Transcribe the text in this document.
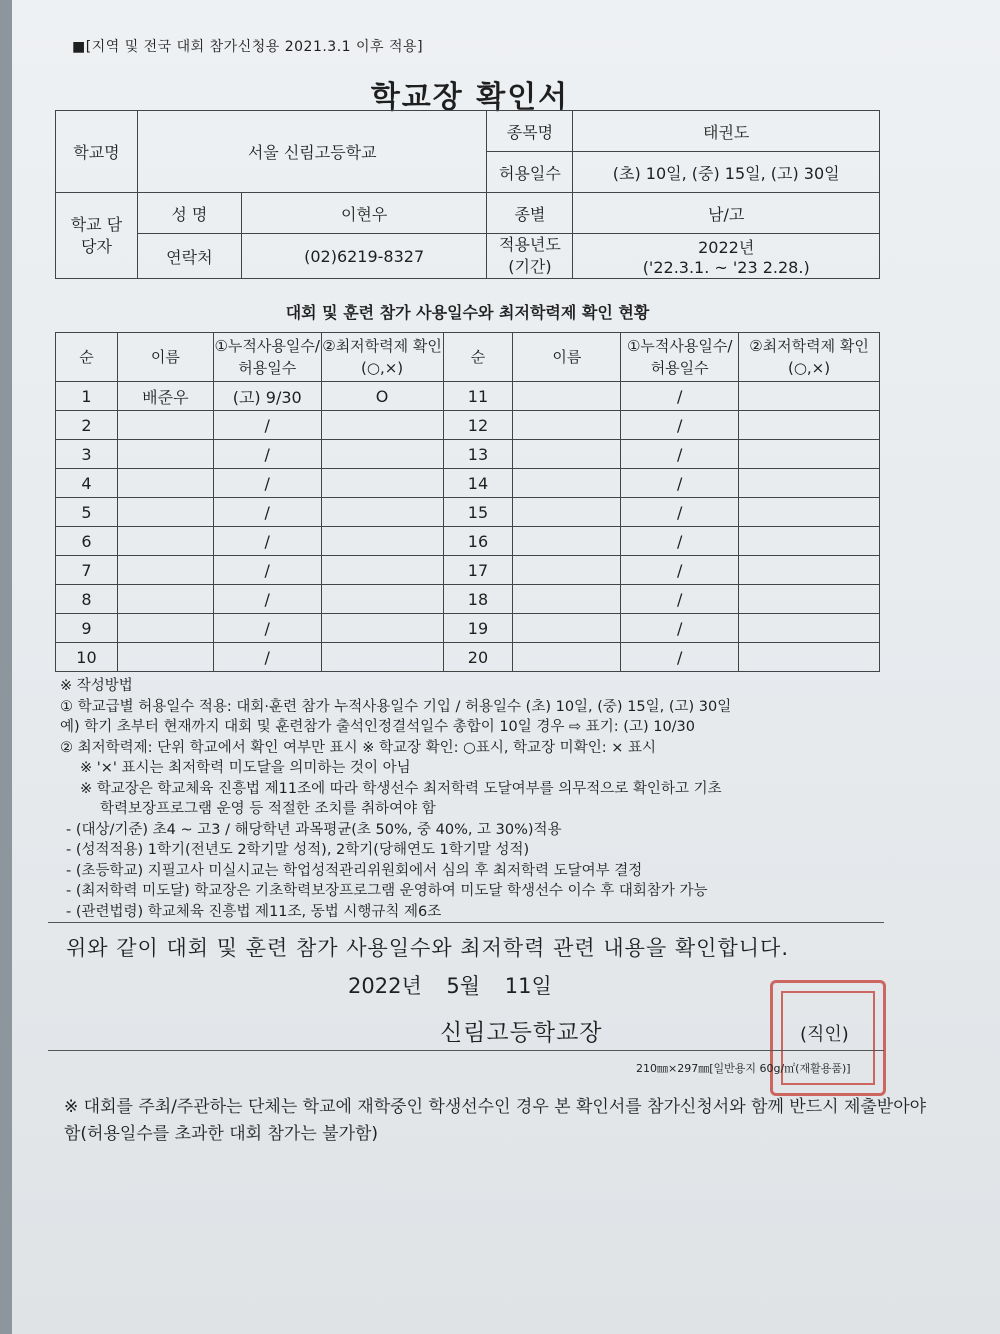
■[지역 및 전국 대회 참가신청용 2021.3.1 이후 적용]
학교장 확인서
학교명	서울 신림고등학교		종목명	태권도
			허용일수	(초) 10일, (중) 15일, (고) 30일
학교 담당자	성 명	이현우	종별	남/고
	연락처	(02)6219-8327	적용년도 (기간)	2022년
('22.3.1. ~ '23 2.28.)
대회 및 훈련 참가 사용일수와 최저학력제 확인 현황
순	이름	①누적사용일수/허용일수	②최저학력제 확인(○,×)	순	이름	①누적사용일수/허용일수	②최저학력제 확인(○,×)
1	배준우	(고) 9/30	O	11		/	
2		/		12		/	
3		/		13		/	
4		/		14		/	
5		/		15		/	
6		/		16		/	
7		/		17		/	
8		/		18		/	
9		/		19		/	
10		/		20		/	
※ 작성방법
① 학교급별 허용일수 적용: 대회·훈련 참가 누적사용일수 기입 / 허용일수 (초) 10일, (중) 15일, (고) 30일
예) 학기 초부터 현재까지 대회 및 훈련참가 출석인정결석일수 총합이 10일 경우 ⇨ 표기: (고) 10/30
② 최저학력제: 단위 학교에서 확인 여부만 표시 ※ 학교장 확인: ○표시, 학교장 미확인: × 표시
※ '×' 표시는 최저학력 미도달을 의미하는 것이 아님
※ 학교장은 학교체육 진흥법 제11조에 따라 학생선수 최저학력 도달여부를 의무적으로 확인하고 기초
학력보장프로그램 운영 등 적절한 조치를 취하여야 함
- (대상/기준) 초4 ~ 고3 / 해당학년 과목평균(초 50%, 중 40%, 고 30%)적용
- (성적적용) 1학기(전년도 2학기말 성적), 2학기(당해연도 1학기말 성적)
- (초등학교) 지필고사 미실시교는 학업성적관리위원회에서 심의 후 최저학력 도달여부 결정
- (최저학력 미도달) 학교장은 기초학력보장프로그램 운영하여 미도달 학생선수 이수 후 대회참가 가능
- (관련법령) 학교체육 진흥법 제11조, 동법 시행규칙 제6조
위와 같이 대회 및 훈련 참가 사용일수와 최저학력 관련 내용을 확인합니다.
2022년 5월 11일
신림고등학교장	(직인)
210㎜×297㎜[일반용지 60g/㎡(재활용품)]
※ 대회를 주최/주관하는 단체는 학교에 재학중인 학생선수인 경우 본 확인서를 참가신청서와 함께 반드시 제출받아야 함(허용일수를 초과한 대회 참가는 불가함)
